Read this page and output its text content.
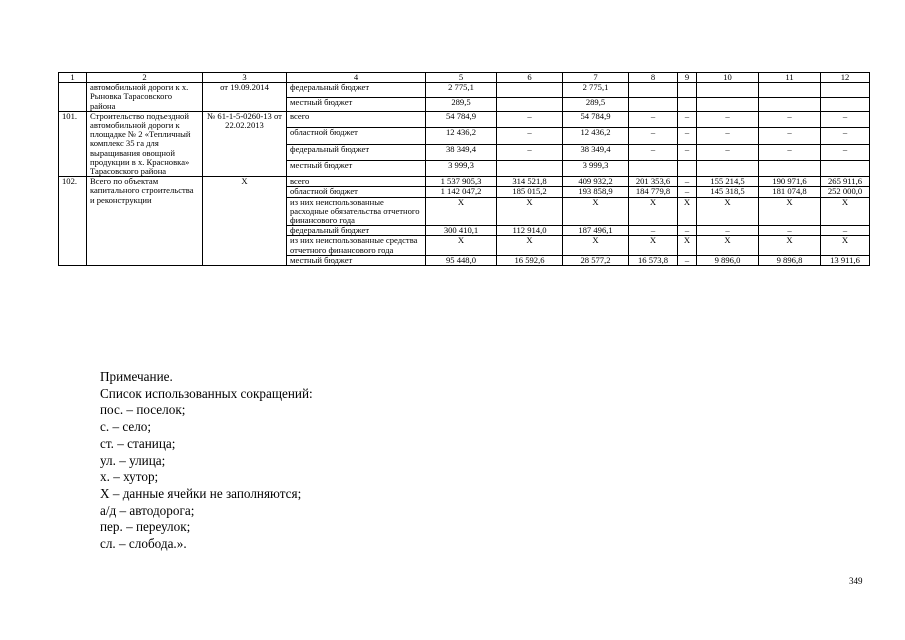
1	2	3	4	5	6	7	8	9	10	11	12
	автомобильной дороги к х. Рыновка Тарасовского района	от 19.09.2014	федеральный бюджет	2 775,1		2 775,1					
			местный бюджет	289,5		289,5					
101.	Строительство подъездной автомобильной дороги к площадке № 2 «Тепличный комплекс 35 га для выращивания овощной продукции в х. Красновка» Тарасовского района	№ 61-1-5-0260-13 от 22.02.2013	всего	54 784,9	–	54 784,9	–	–	–	–	–
			областной бюджет	12 436,2	–	12 436,2	–	–	–	–	–
			федеральный бюджет	38 349,4	–	38 349,4	–	–	–	–	–
			местный бюджет	3 999,3		3 999,3					
102.	Всего по объектам капитального строительства и реконструкции	Х	всего	1 537 905,3	314 521,8	409 932,2	201 353,6	–	155 214,5	190 971,6	265 911,6
			областной бюджет	1 142 047,2	185 015,2	193 858,9	184 779,8	–	145 318,5	181 074,8	252 000,0
			из них неиспользованные расходные обязательства отчетного финансового года	Х	Х	Х	Х	Х	Х	Х	Х
			федеральный бюджет	300 410,1	112 914,0	187 496,1	–	–	–	–	–
			из них неиспользованные средства отчетного финансового года	Х	Х	Х	Х	Х	Х	Х	Х
			местный бюджет	95 448,0	16 592,6	28 577,2	16 573,8	–	9 896,0	9 896,8	13 911,6
Примечание.
Список использованных сокращений:
пос. – поселок;
с. – село;
ст. – станица;
ул. – улица;
х. – хутор;
Х – данные ячейки не заполняются;
а/д – автодорога;
пер. – переулок;
сл. – слобода.».
349
